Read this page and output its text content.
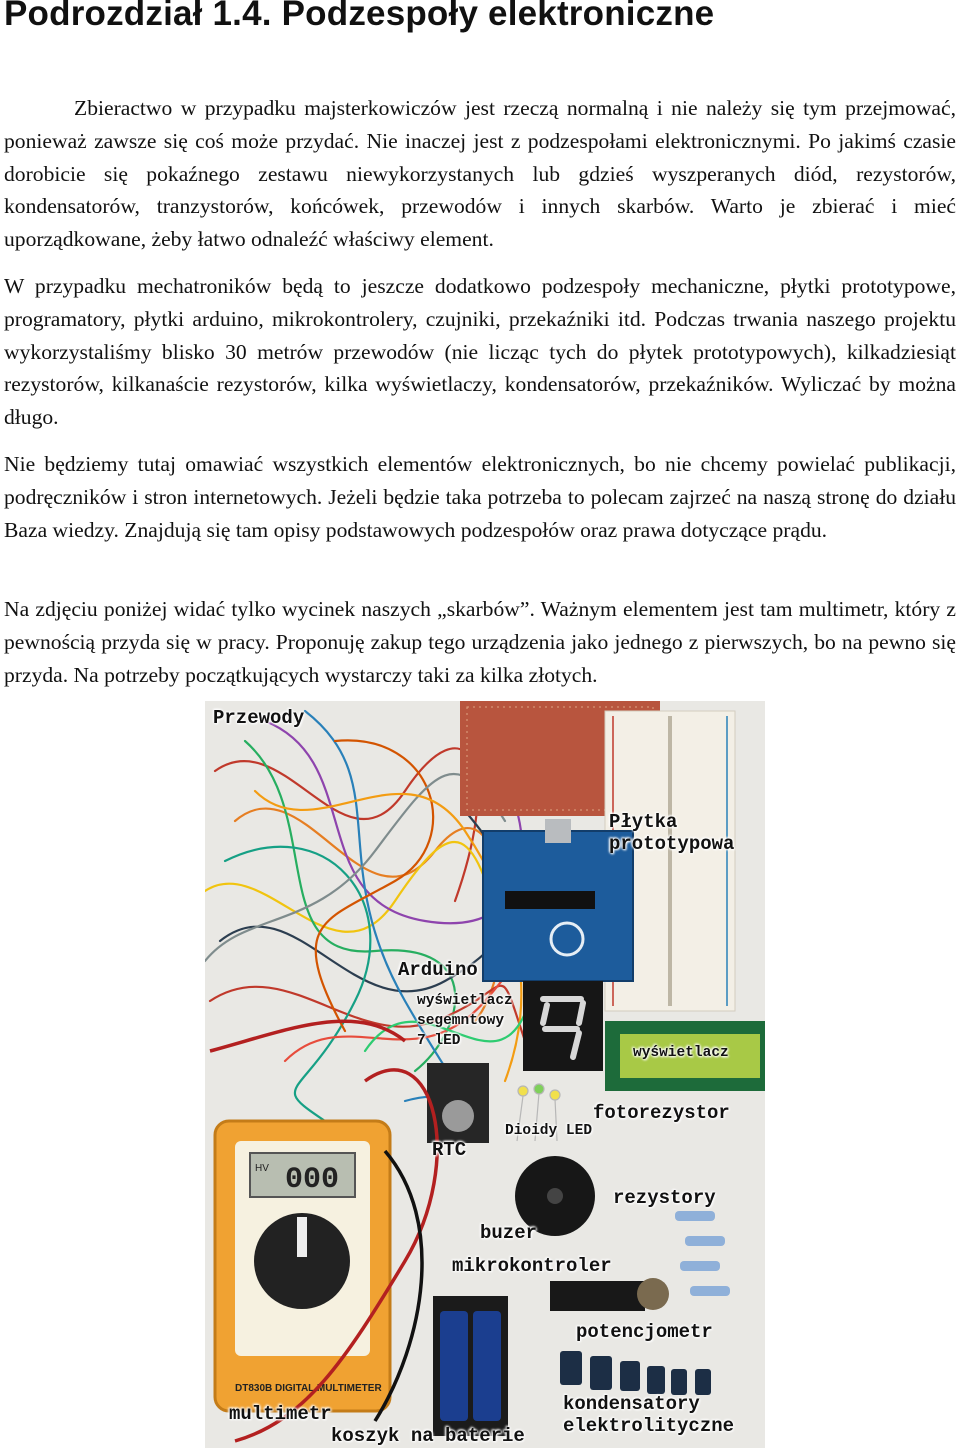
Podrozdział 1.4. Podzespoły elektroniczne

Zbieractwo w przypadku majsterkowiczów jest rzeczą normalną i nie należy się tym przejmować, ponieważ zawsze się coś może przydać. Nie inaczej jest z podzespołami elektronicznymi. Po jakimś czasie dorobicie się pokaźnego zestawu niewykorzystanych lub gdzieś wyszperanych diód, rezystorów, kondensatorów, tranzystorów, końcówek, przewodów i innych skarbów. Warto je zbierać i mieć uporządkowane, żeby łatwo odnaleźć właściwy element.

W przypadku mechatroników będą to jeszcze dodatkowo podzespoły mechaniczne, płytki prototypowe, programatory, płytki arduino, mikrokontrolery, czujniki, przekaźniki itd. Podczas trwania naszego projektu wykorzystaliśmy blisko 30 metrów przewodów (nie licząc tych do płytek prototypowych), kilkadziesiąt rezystorów, kilkanaście rezystorów, kilka wyświetlaczy, kondensatorów, przekaźników. Wyliczać by można długo.

Nie będziemy tutaj omawiać wszystkich elementów elektronicznych, bo nie chcemy powielać publikacji, podręczników i stron internetowych. Jeżeli będzie taka potrzeba to polecam zajrzeć na naszą stronę do działu Baza wiedzy. Znajdują się tam opisy podstawowych podzespołów oraz prawa dotyczące prądu.

Na zdjęciu poniżej widać tylko wycinek naszych „skarbów”. Ważnym elementem jest tam multimetr, który z pewnością przyda się w pracy. Proponuję zakup tego urządzenia jako jednego z pierwszych, bo na pewno się przyda. Na potrzeby początkujących wystarczy taki za kilka złotych.

000
HV
DT830B DIGITAL MULTIMETER
Przewody
Płytka
prototypowa
Arduino
wyświetlacz
segemntowy
7 lED
wyświetlacz
fotorezystor
Dioidy LED
RTC
rezystory
buzer
mikrokontroler
potencjometr
kondensatory
elektrolityczne
multimetr
koszyk na baterie
